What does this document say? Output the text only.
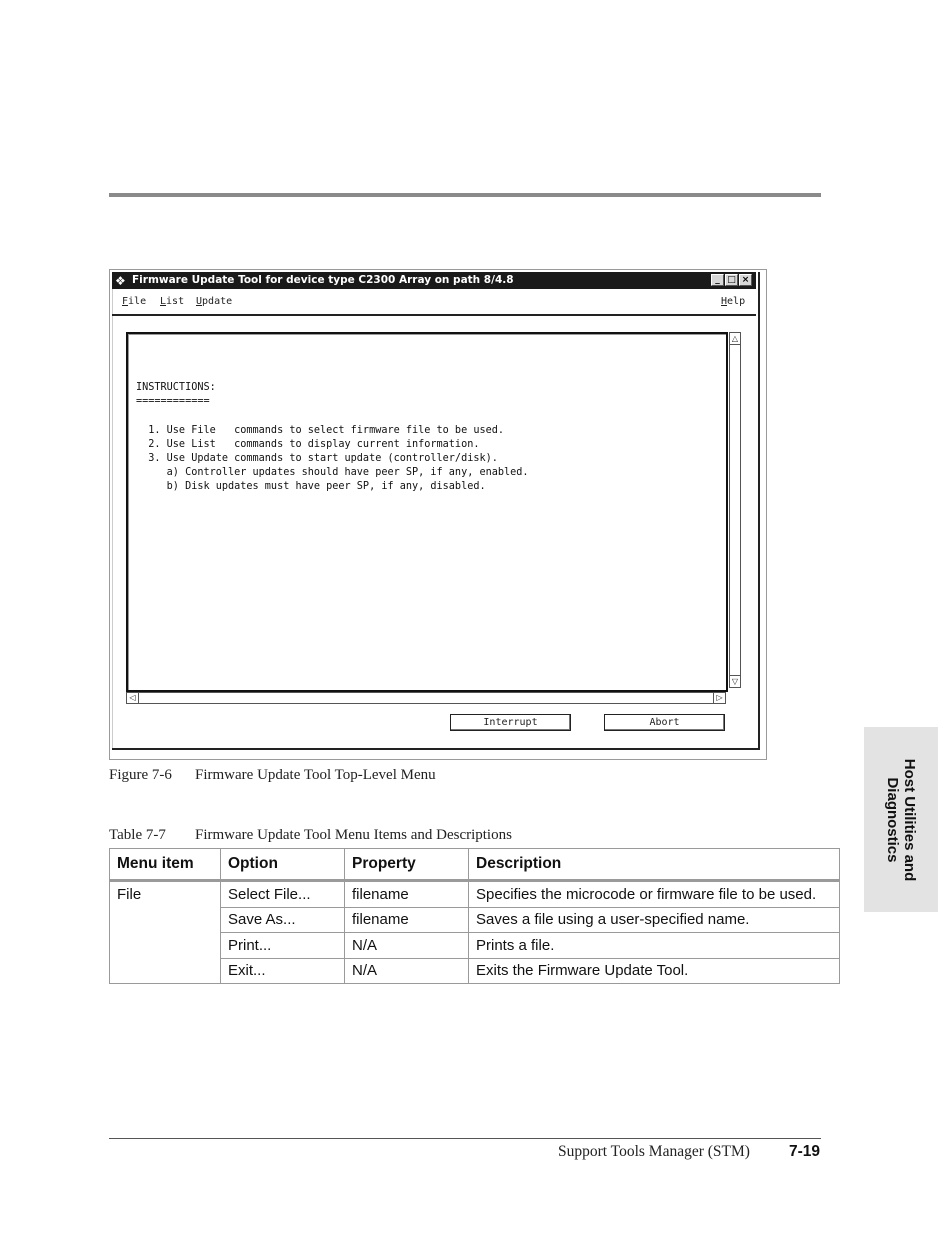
❖ Firmware Update Tool for device type C2300 Array on path 8/4.8	_ □ ×
File List Update	Help
INSTRUCTIONS:
============

1. Use File   commands to select firmware file to be used.
2. Use List   commands to display current information.
3. Use Update commands to start update (controller/disk).
a) Controller updates should have peer SP, if any, enabled.
b) Disk updates must have peer SP, if any, disabled.
△
▽
◁	▷
Interrupt	Abort
Figure 7-6 Firmware Update Tool Top-Level Menu
Table 7-7 Firmware Update Tool Menu Items and Descriptions
Menu item	Option	Property	Description
File	Select File...	filename	Specifies the microcode or firmware file to be used.
	Save As...	filename	Saves a file using a user-specified name.
	Print...	N/A	Prints a file.
	Exit...	N/A	Exits the Firmware Update Tool.
Host Utilities and
Diagnostics
Support Tools Manager (STM)	7-19
